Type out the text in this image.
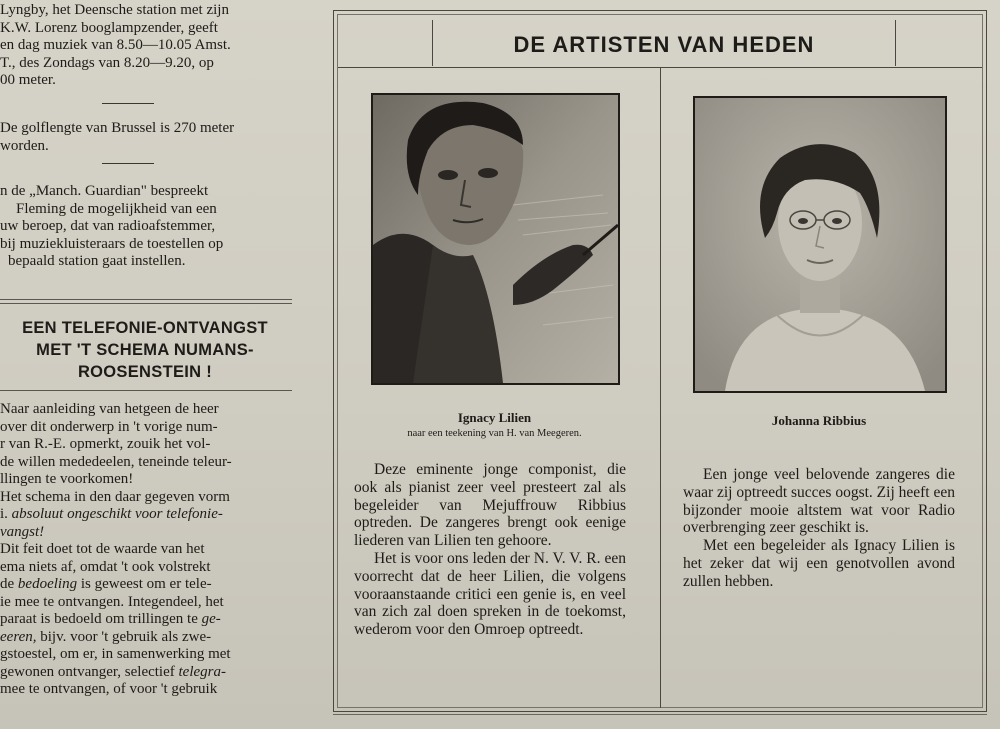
Lyngby, het Deensche station met zijn
K.W. Lorenz booglampzender, geeft
en dag muziek van 8.50—10.05 Amst.
T., des Zondags van 8.20—9.20, op
00 meter.

De golflengte van Brussel is 270 meter
worden.

n de „Manch. Guardian" bespreekt
Fleming de mogelijkheid van een
uw beroep, dat van radioafstemmer,
bij muziekluisteraars de toestellen op
bepaald station gaat instellen.

EEN TELEFONIE-ONTVANGST
MET 'T SCHEMA NUMANS-
ROOSENSTEIN !

Naar aanleiding van hetgeen de heer
over dit onderwerp in 't vorige num-
r van R.-E. opmerkt, zouik het vol-
de willen mededeelen, teneinde teleur-
llingen te voorkomen!
Het schema in den daar gegeven vorm
i. absoluut ongeschikt voor telefonie-
vangst!
Dit feit doet tot de waarde van het
ema niets af, omdat 't ook volstrekt
de bedoeling is geweest om er tele-
ie mee te ontvangen. Integendeel, het
paraat is bedoeld om trillingen te ge-
eeren, bijv. voor 't gebruik als zwe-
gstoestel, om er, in samenwerking met
gewonen ontvanger, selectief telegra-
mee te ontvangen, of voor 't gebruik

DE ARTISTEN VAN HEDEN

Ignacy Lilien

naar een teekening van H. van Meegeren.

Johanna Ribbius

Deze eminente jonge componist, die ook als pianist zeer veel presteert zal als begeleider van Mejuffrouw Ribbius optreden. De zangeres brengt ook eenige liederen van Lilien ten gehoore.
Het is voor ons leden der N. V. V. R. een voorrecht dat de heer Lilien, die volgens vooraanstaande critici een genie is, en veel van zich zal doen spreken in de toekomst, wederom voor den Omroep optreedt.
Een jonge veel belovende zangeres die waar zij optreedt succes oogst. Zij heeft een bijzonder mooie altstem wat voor Radio overbrenging zeer geschikt is.
Met een begeleider als Ignacy Lilien is het zeker dat wij een genotvollen avond zullen hebben.
